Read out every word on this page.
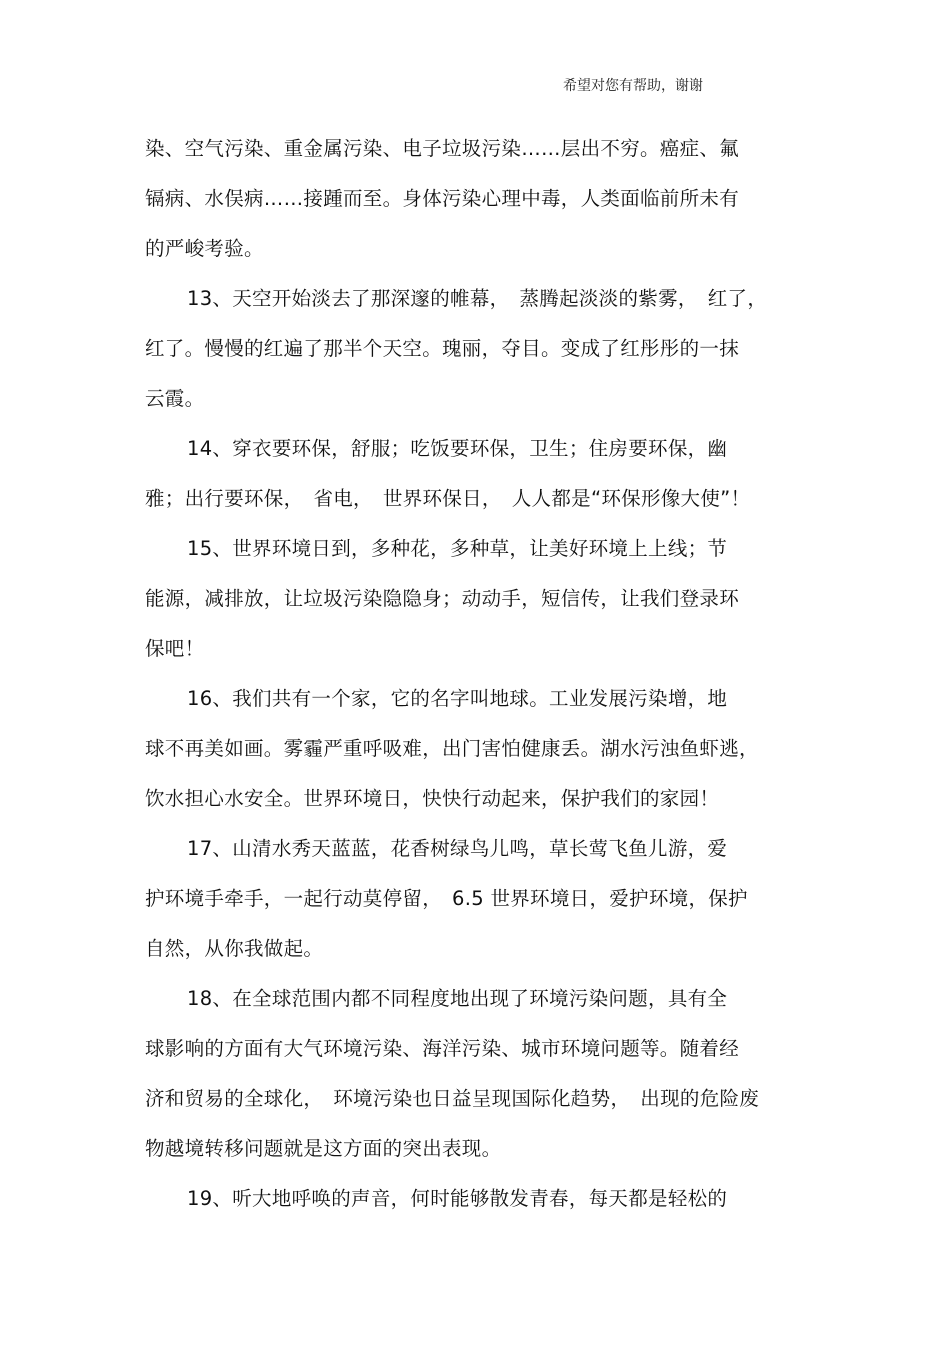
希望对您有帮助，谢谢
染、空气污染、重金属污染、电子垃圾污染……层出不穷。癌症、氟
镉病、水俣病……接踵而至。身体污染心理中毒，人类面临前所未有
的严峻考验。
13、天空开始淡去了那深邃的帷幕，　蒸腾起淡淡的紫雾，　红了，
红了。慢慢的红遍了那半个天空。瑰丽，夺目。变成了红彤彤的一抹
云霞。
14、穿衣要环保，舒服；吃饭要环保，卫生；住房要环保，幽
雅；出行要环保，　省电，　世界环保日，　人人都是“环保形像大使”！
15、世界环境日到，多种花，多种草，让美好环境上上线；节
能源，减排放，让垃圾污染隐隐身；动动手，短信传，让我们登录环
保吧！
16、我们共有一个家，它的名字叫地球。工业发展污染增，地
球不再美如画。雾霾严重呼吸难，出门害怕健康丢。湖水污浊鱼虾逃，
饮水担心水安全。世界环境日，快快行动起来，保护我们的家园！
17、山清水秀天蓝蓝，花香树绿鸟儿鸣，草长莺飞鱼儿游，爱
护环境手牵手，一起行动莫停留，　6.5 世界环境日，爱护环境，保护
自然，从你我做起。
18、在全球范围内都不同程度地出现了环境污染问题，具有全
球影响的方面有大气环境污染、海洋污染、城市环境问题等。随着经
济和贸易的全球化，　环境污染也日益呈现国际化趋势，　出现的危险废
物越境转移问题就是这方面的突出表现。
19、听大地呼唤的声音，何时能够散发青春，每天都是轻松的
